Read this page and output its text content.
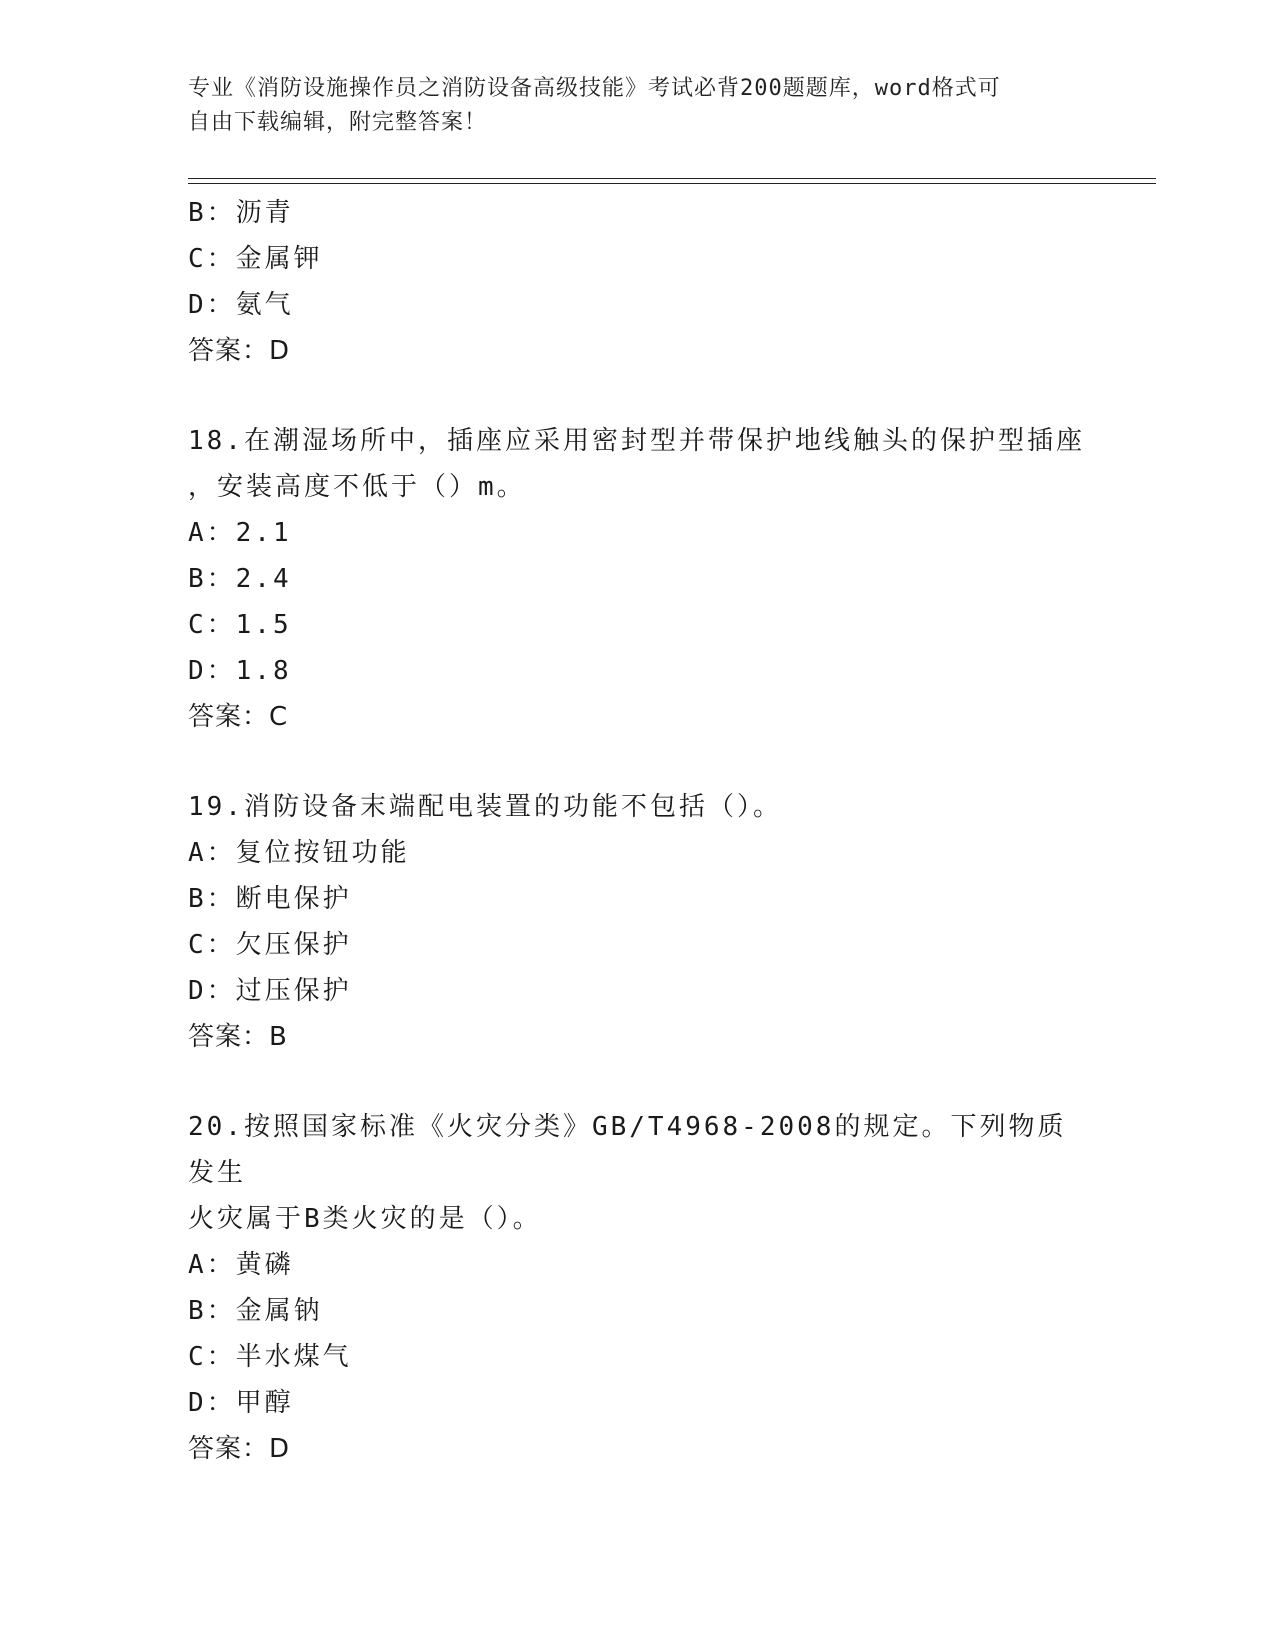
专业《消防设施操作员之消防设备高级技能》考试必背200题题库，word格式可
自由下载编辑，附完整答案！
B：沥青
C：金属钾
D：氨气
答案：D
18.在潮湿场所中，插座应采用密封型并带保护地线触头的保护型插座
，安装高度不低于（）m。
A：2.1
B：2.4
C：1.5
D：1.8
答案：C
19.消防设备末端配电装置的功能不包括（）。
A：复位按钮功能
B：断电保护
C：欠压保护
D：过压保护
答案：B
20.按照国家标准《火灾分类》GB/T4968-2008的规定。下列物质发生
火灾属于B类火灾的是（）。
A：黄磷
B：金属钠
C：半水煤气
D：甲醇
答案：D
